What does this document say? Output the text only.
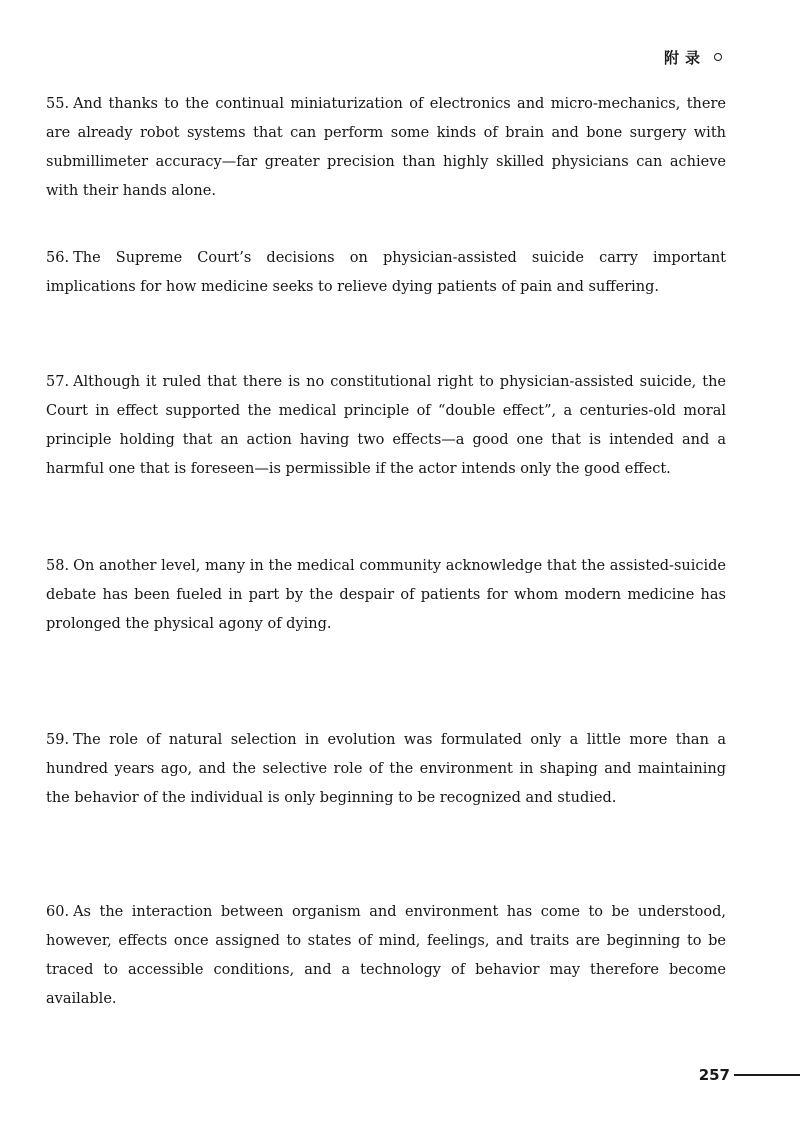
附录
55. And thanks to the continual miniaturization of electronics and micro-mechanics, there are already robot systems that can perform some kinds of brain and bone surgery with submillimeter accuracy—far greater precision than highly skilled physicians can achieve with their hands alone.
56. The Supreme Court’s decisions on physician-assisted suicide carry important implications for how medicine seeks to relieve dying patients of pain and suffering.
57. Although it ruled that there is no constitutional right to physician-assisted suicide, the Court in effect supported the medical principle of “double effect”, a centuries-old moral principle holding that an action having two effects—a good one that is intended and a harmful one that is foreseen—is permissible if the actor intends only the good effect.
58. On another level, many in the medical community acknowledge that the assisted-suicide debate has been fueled in part by the despair of patients for whom modern medicine has prolonged the physical agony of dying.
59. The role of natural selection in evolution was formulated only a little more than a hundred years ago, and the selective role of the environment in shaping and maintaining the behavior of the individual is only beginning to be recognized and studied.
60. As the interaction between organism and environment has come to be understood, however, effects once assigned to states of mind, feelings, and traits are beginning to be traced to accessible conditions, and a technology of behavior may therefore become available.
257
